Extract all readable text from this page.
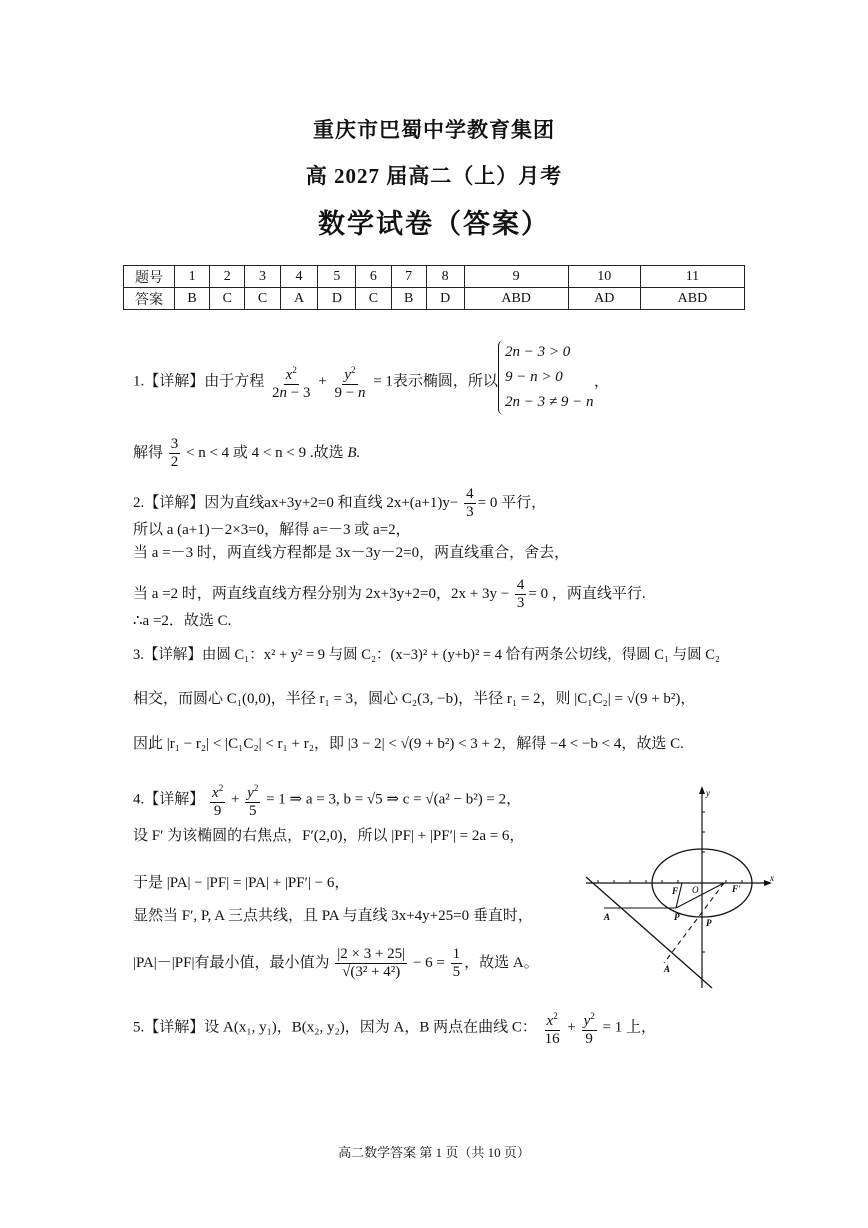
重庆市巴蜀中学教育集团
高 2027 届高二（上）月考
数学试卷（答案）
题号	1	2	3	4	5	6	7	8	9	10	11
答案	B	C	C	A	D	C	B	D	ABD	AD	ABD
1.【详解】由于方程 $\frac{x^2}{2n - 3} + \frac{y^2}{9 - n} = 1$表示椭圆，所以
2n − 3 > 0
9 − n > 0
2n − 3 ≠ 9 − n
，
解得 $\frac{3}{2} < n < 4$ 或 4 < n < 9 .故选 B.
2.【详解】因为直线ax+3y+2=0 和直线 $2x+(a+1)y- \frac{4}{3} = 0$ 平行，
所以 a (a+1)－2×3=0，解得 a=－3 或 a=2，
当 a =－3 时，两直线方程都是 3x－3y－2=0，两直线重合，舍去，
当 a =2 时，两直线直线方程分别为 2x+3y+2=0，$2x + 3y - \frac{4}{3} = 0$ ，两直线平行.
∴a =2．故选 C.
3.【详解】由圆 C₁：x² + y² = 9 与圆 C₂：(x−3)² + (y+b)² = 4 恰有两条公切线，得圆 C₁ 与圆 C₂
相交，而圆心 C₁(0,0)，半径 r₁ = 3，圆心 C₂(3, −b)，半径 r₁ = 2，则 |C₁C₂| = √(9 + b²)，
因此 |r₁ − r₂| < |C₁C₂| < r₁ + r₂，即 |3 − 2| < √(9 + b²) < 3 + 2，解得 −4 < −b < 4，故选 C.
4.【详解】 $\frac{x^2}{9} + \frac{y^2}{5} = 1$ ⇒ a = 3, b = √5 ⇒ c = √(a² − b²) = 2，
设 F′ 为该椭圆的右焦点，F′(2,0)，所以 |PF| + |PF′| = 2a = 6，
于是 |PA| − |PF| = |PA| + |PF′| − 6，
显然当 F′, P, A 三点共线，且 PA 与直线 3x+4y+25=0 垂直时，
|PA|－|PF|有最小值，最小值为 $\frac{|2 \times 3 + 25|}{\text{√(3² + 4²)}} - 6 = \frac{1}{5}$ ，故选 A。
5.【详解】设 A(x₁, y₁)，B(x₂, y₂)，因为 A，B 两点在曲线 C： $\frac{x^2}{16} + \frac{y^2}{9} = 1$ 上，
y
x
O
F	F'
P
P
A
A
高二数学答案 第 1 页（共 10 页）
